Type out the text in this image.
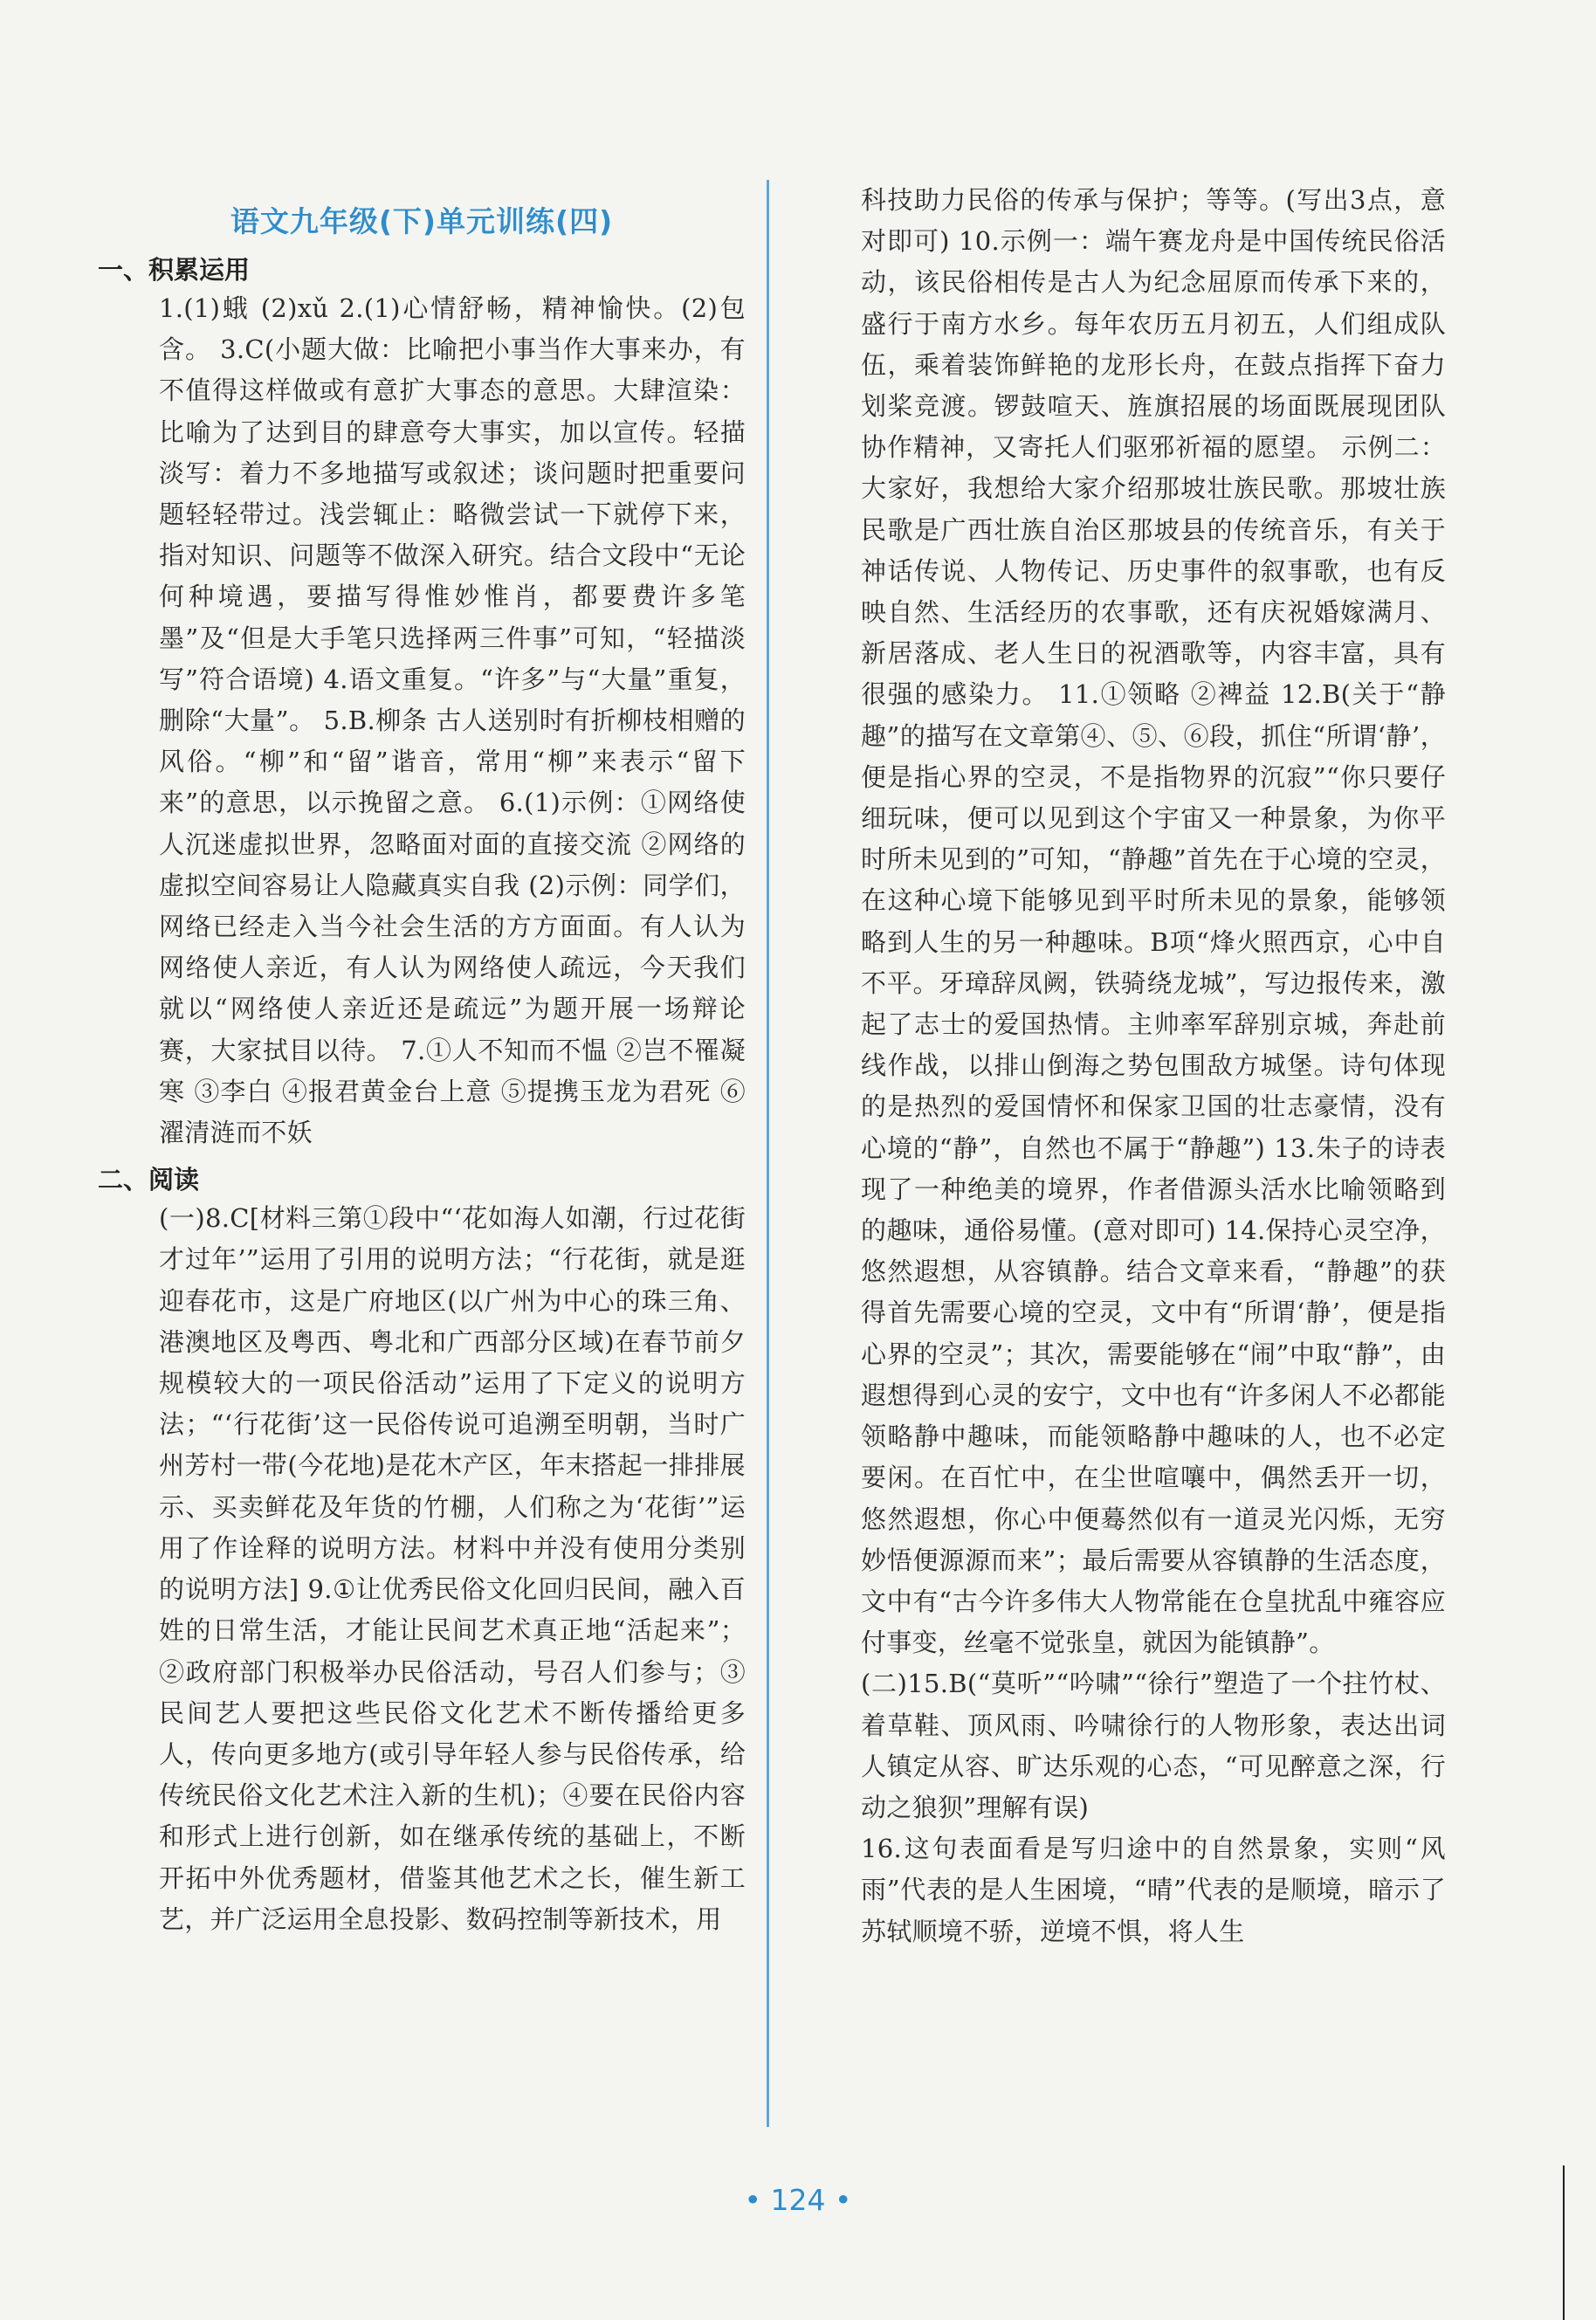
语文九年级(下)单元训练(四)
一、积累运用

1.(1)蛾 (2)xǔ 2.(1)心情舒畅，精神愉快。(2)包含。 3.C(小题大做：比喻把小事当作大事来办，有不值得这样做或有意扩大事态的意思。大肆渲染：比喻为了达到目的肆意夸大事实，加以宣传。轻描淡写：着力不多地描写或叙述；谈问题时把重要问题轻轻带过。浅尝辄止：略微尝试一下就停下来，指对知识、问题等不做深入研究。结合文段中“无论何种境遇，要描写得惟妙惟肖，都要费许多笔墨”及“但是大手笔只选择两三件事”可知，“轻描淡写”符合语境) 4.语文重复。“许多”与“大量”重复，删除“大量”。 5.B.柳条 古人送别时有折柳枝相赠的风俗。“柳”和“留”谐音，常用“柳”来表示“留下来”的意思，以示挽留之意。 6.(1)示例：①网络使人沉迷虚拟世界，忽略面对面的直接交流 ②网络的虚拟空间容易让人隐藏真实自我 (2)示例：同学们，网络已经走入当今社会生活的方方面面。有人认为网络使人亲近，有人认为网络使人疏远，今天我们就以“网络使人亲近还是疏远”为题开展一场辩论赛，大家拭目以待。 7.①人不知而不愠 ②岂不罹凝寒 ③李白 ④报君黄金台上意 ⑤提携玉龙为君死 ⑥濯清涟而不妖

二、阅读

(一)8.C[材料三第①段中“‘花如海人如潮，行过花街才过年’”运用了引用的说明方法；“行花街，就是逛迎春花市，这是广府地区(以广州为中心的珠三角、港澳地区及粤西、粤北和广西部分区域)在春节前夕规模较大的一项民俗活动”运用了下定义的说明方法；“‘行花街’这一民俗传说可追溯至明朝，当时广州芳村一带(今花地)是花木产区，年末搭起一排排展示、买卖鲜花及年货的竹棚，人们称之为‘花街’”运用了作诠释的说明方法。材料中并没有使用分类别的说明方法] 9.①让优秀民俗文化回归民间，融入百姓的日常生活，才能让民间艺术真正地“活起来”；②政府部门积极举办民俗活动，号召人们参与；③民间艺人要把这些民俗文化艺术不断传播给更多人，传向更多地方(或引导年轻人参与民俗传承，给传统民俗文化艺术注入新的生机)；④要在民俗内容和形式上进行创新，如在继承传统的基础上，不断开拓中外优秀题材，借鉴其他艺术之长，催生新工艺，并广泛运用全息投影、数码控制等新技术，用

科技助力民俗的传承与保护；等等。(写出3点，意对即可) 10.示例一：端午赛龙舟是中国传统民俗活动，该民俗相传是古人为纪念屈原而传承下来的，盛行于南方水乡。每年农历五月初五，人们组成队伍，乘着装饰鲜艳的龙形长舟，在鼓点指挥下奋力划桨竞渡。锣鼓喧天、旌旗招展的场面既展现团队协作精神，又寄托人们驱邪祈福的愿望。 示例二：大家好，我想给大家介绍那坡壮族民歌。那坡壮族民歌是广西壮族自治区那坡县的传统音乐，有关于神话传说、人物传记、历史事件的叙事歌，也有反映自然、生活经历的农事歌，还有庆祝婚嫁满月、新居落成、老人生日的祝酒歌等，内容丰富，具有很强的感染力。 11.①领略 ②裨益 12.B(关于“静趣”的描写在文章第④、⑤、⑥段，抓住“所谓‘静’，便是指心界的空灵，不是指物界的沉寂”“你只要仔细玩味，便可以见到这个宇宙又一种景象，为你平时所未见到的”可知，“静趣”首先在于心境的空灵，在这种心境下能够见到平时所未见的景象，能够领略到人生的另一种趣味。B项“烽火照西京，心中自不平。牙璋辞凤阙，铁骑绕龙城”，写边报传来，激起了志士的爱国热情。主帅率军辞别京城，奔赴前线作战，以排山倒海之势包围敌方城堡。诗句体现的是热烈的爱国情怀和保家卫国的壮志豪情，没有心境的“静”，自然也不属于“静趣”) 13.朱子的诗表现了一种绝美的境界，作者借源头活水比喻领略到的趣味，通俗易懂。(意对即可) 14.保持心灵空净，悠然遐想，从容镇静。结合文章来看，“静趣”的获得首先需要心境的空灵，文中有“所谓‘静’，便是指心界的空灵”；其次，需要能够在“闹”中取“静”，由遐想得到心灵的安宁，文中也有“许多闲人不必都能领略静中趣味，而能领略静中趣味的人，也不必定要闲。在百忙中，在尘世喧嚷中，偶然丢开一切，悠然遐想，你心中便蓦然似有一道灵光闪烁，无穷妙悟便源源而来”；最后需要从容镇静的生活态度，文中有“古今许多伟大人物常能在仓皇扰乱中雍容应付事变，丝毫不觉张皇，就因为能镇静”。

(二)15.B(“莫听”“吟啸”“徐行”塑造了一个拄竹杖、着草鞋、顶风雨、吟啸徐行的人物形象，表达出词人镇定从容、旷达乐观的心态，“可见醉意之深，行动之狼狈”理解有误)

16.这句表面看是写归途中的自然景象，实则“风雨”代表的是人生困境，“晴”代表的是顺境，暗示了苏轼顺境不骄，逆境不惧，将人生

• 124 •
